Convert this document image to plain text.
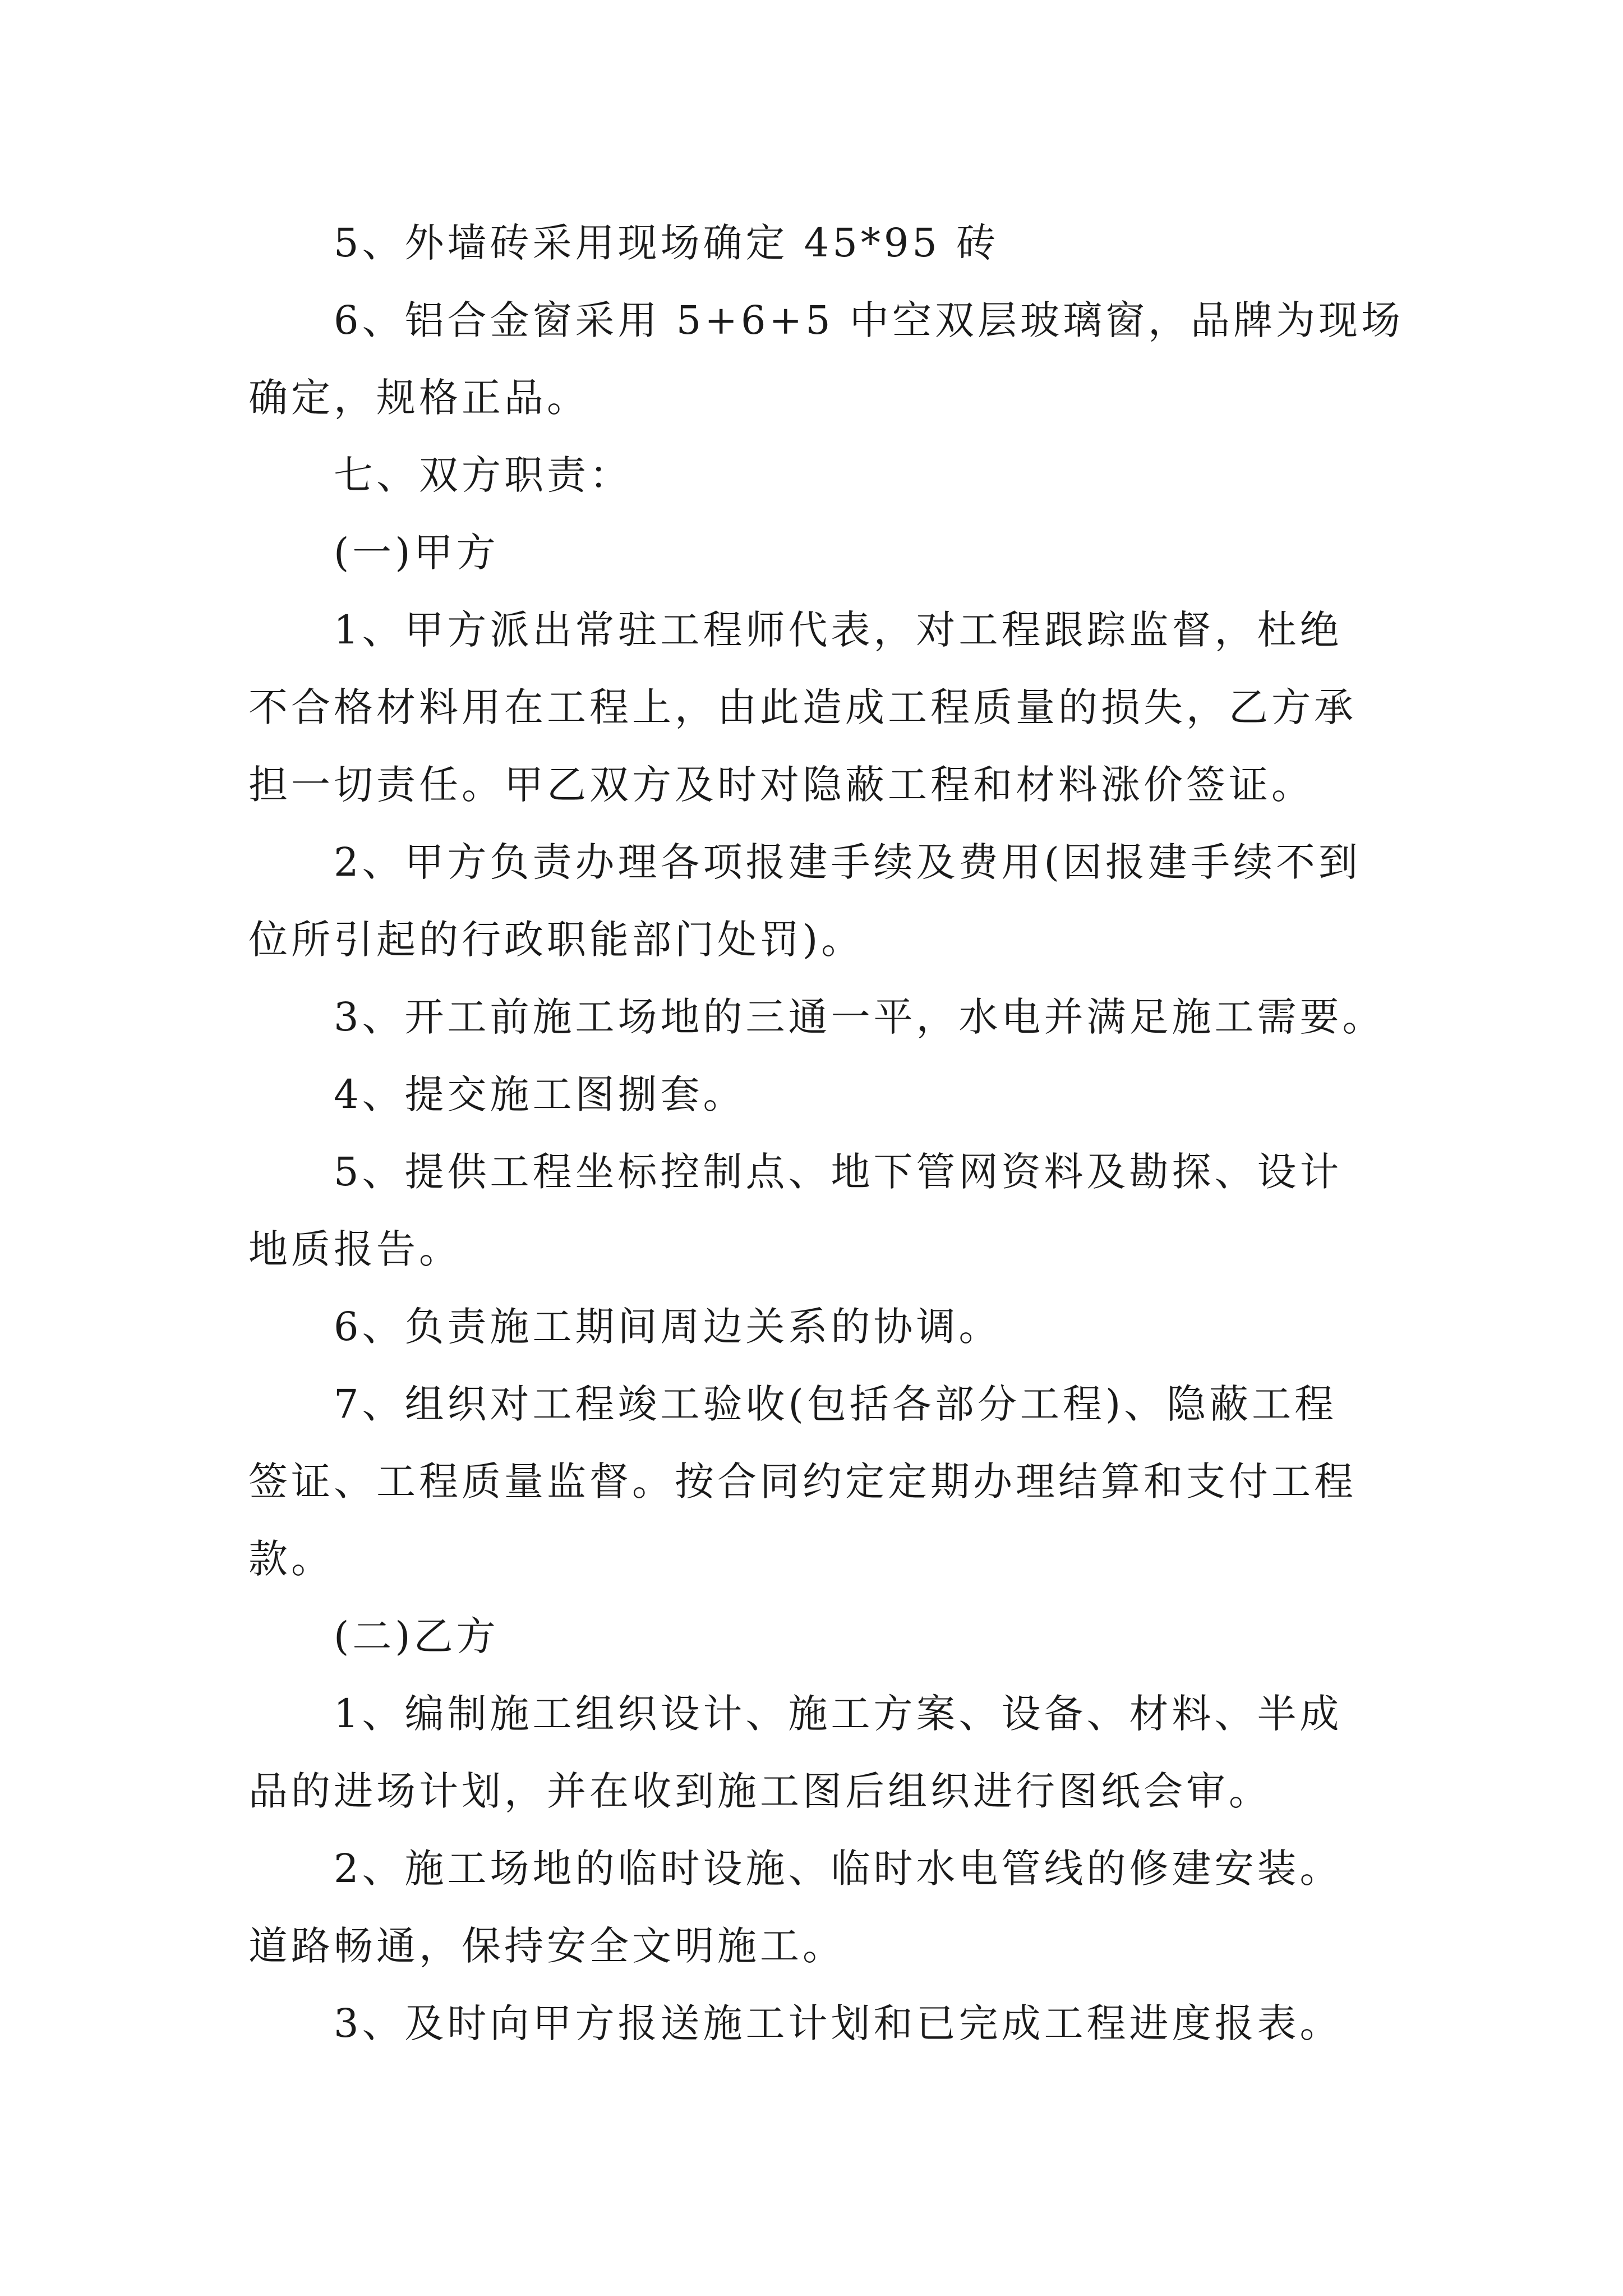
5、外墙砖采用现场确定 45*95 砖
6、铝合金窗采用 5+6+5 中空双层玻璃窗，品牌为现场
确定，规格正品。
七、双方职责：
(一)甲方
1、甲方派出常驻工程师代表，对工程跟踪监督，杜绝
不合格材料用在工程上，由此造成工程质量的损失，乙方承
担一切责任。甲乙双方及时对隐蔽工程和材料涨价签证。
2、甲方负责办理各项报建手续及费用(因报建手续不到
位所引起的行政职能部门处罚)。
3、开工前施工场地的三通一平，水电并满足施工需要。
4、提交施工图捌套。
5、提供工程坐标控制点、地下管网资料及勘探、设计
地质报告。
6、负责施工期间周边关系的协调。
7、组织对工程竣工验收(包括各部分工程)、隐蔽工程
签证、工程质量监督。按合同约定定期办理结算和支付工程
款。
(二)乙方
1、编制施工组织设计、施工方案、设备、材料、半成
品的进场计划，并在收到施工图后组织进行图纸会审。
2、施工场地的临时设施、临时水电管线的修建安装。
道路畅通，保持安全文明施工。
3、及时向甲方报送施工计划和已完成工程进度报表。
